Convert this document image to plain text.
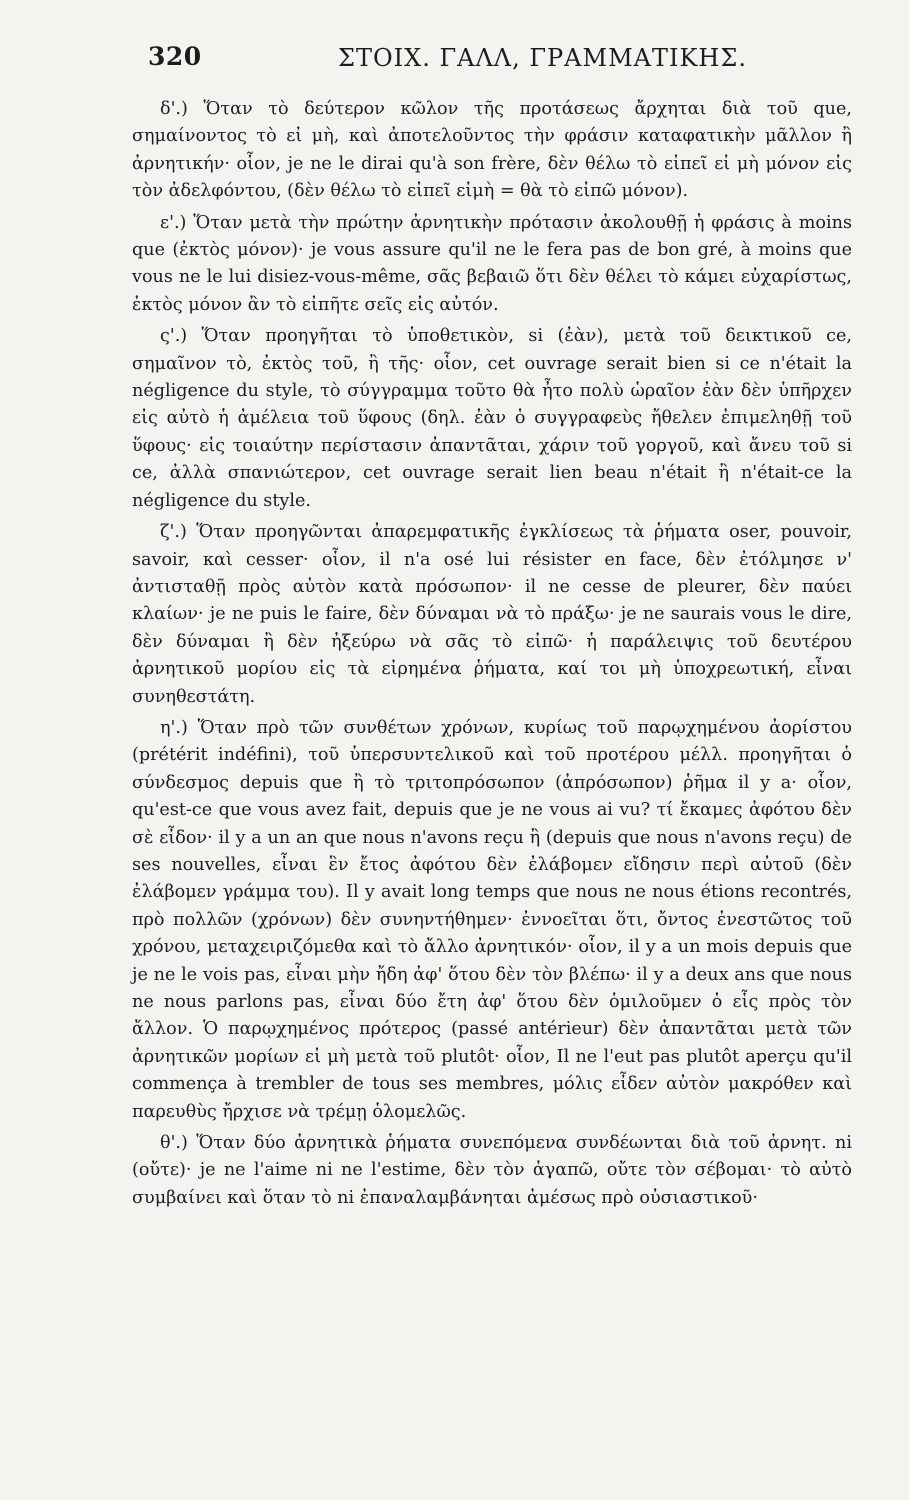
320	ΣΤΟΙΧ. ΓΑΛΛ, ΓΡΑΜΜΑΤΙΚΗΣ.

δ'.) Ὅταν τὸ δεύτερον κῶλον τῆς προτάσεως ἄρχηται διὰ τοῦ que, σημαίνοντος τὸ εἰ μὴ, καὶ ἀποτελοῦντος τὴν φράσιν καταφατικὴν μᾶλλον ἢ ἀρνητικήν· οἷον, je ne le dirai qu'à son frère, δὲν θέλω τὸ εἰπεῖ εἰ μὴ μόνον εἰς τὸν ἀδελφόντου, (δὲν θέλω τὸ εἰπεῖ εἰμὴ = θὰ τὸ εἰπῶ μόνον).

ε'.) Ὅταν μετὰ τὴν πρώτην ἀρνητικὴν πρότασιν ἀκολουθῇ ἡ φράσις à moins que (ἐκτὸς μόνον)· je vous assure qu'il ne le fera pas de bon gré, à moins que vous ne le lui disiez-vous-même, σᾶς βεβαιῶ ὅτι δὲν θέλει τὸ κάμει εὐχαρίστως, ἐκτὸς μόνον ἂν τὸ εἰπῆτε σεῖς εἰς αὐτόν.

ς'.) Ὅταν προηγῆται τὸ ὑποθετικὸν, si (ἐὰν), μετὰ τοῦ δεικτικοῦ ce, σημαῖνον τὸ, ἐκτὸς τοῦ, ἢ τῆς· οἷον, cet ouvrage serait bien si ce n'était la négligence du style, τὸ σύγγραμμα τοῦτο θὰ ἦτο πολὺ ὡραῖον ἐὰν δὲν ὑπῆρχεν εἰς αὐτὸ ἡ ἀμέλεια τοῦ ὕφους (δηλ. ἐὰν ὁ συγγραφεὺς ἤθελεν ἐπιμεληθῇ τοῦ ὕφους· εἰς τοιαύτην περίστασιν ἀπαντᾶται, χάριν τοῦ γοργοῦ, καὶ ἄνευ τοῦ si ce, ἀλλὰ σπανιώτερον, cet ouvrage serait lien beau n'était ἢ n'était-ce la négligence du style.

ζ'.) Ὅταν προηγῶνται ἀπαρεμφατικῆς ἐγκλίσεως τὰ ῥήματα oser, pouvoir, savoir, καὶ cesser· οἷον, il n'a osé lui résister en face, δὲν ἐτόλμησε ν' ἀντισταθῇ πρὸς αὐτὸν κατὰ πρόσωπον· il ne cesse de pleurer, δὲν παύει κλαίων· je ne puis le faire, δὲν δύναμαι νὰ τὸ πράξω· je ne saurais vous le dire, δὲν δύναμαι ἢ δὲν ἠξεύρω νὰ σᾶς τὸ εἰπῶ· ἡ παράλειψις τοῦ δευτέρου ἀρνητικοῦ μορίου εἰς τὰ εἰρημένα ῥήματα, καί τοι μὴ ὑποχρεωτική, εἶναι συνηθεστάτη.

η'.) Ὅταν πρὸ τῶν συνθέτων χρόνων, κυρίως τοῦ παρῳχημένου ἀορίστου (prétérit indéfini), τοῦ ὑπερσυντελικοῦ καὶ τοῦ προτέρου μέλλ. προηγῆται ὁ σύνδεσμος depuis que ἢ τὸ τριτοπρόσωπον (ἀπρόσωπον) ῥῆμα il y a· οἷον, qu'est-ce que vous avez fait, depuis que je ne vous ai vu? τί ἔκαμες ἀφότου δὲν σὲ εἶδον· il y a un an que nous n'avons reçu ἢ (depuis que nous n'avons reçu) de ses nouvelles, εἶναι ἓν ἔτος ἀφότου δὲν ἐλάβομεν εἴδησιν περὶ αὐτοῦ (δὲν ἐλάβομεν γράμμα του). Il y avait long temps que nous ne nous étions recontrés, πρὸ πολλῶν (χρόνων) δὲν συνηντήθημεν· ἐννοεῖται ὅτι, ὄντος ἐνεστῶτος τοῦ χρόνου, μεταχειριζόμεθα καὶ τὸ ἄλλο ἀρνητικόν· οἷον, il y a un mois depuis que je ne le vois pas, εἶναι μὴν ἤδη ἀφ' ὅτου δὲν τὸν βλέπω· il y a deux ans que nous ne nous parlons pas, εἶναι δύο ἔτη ἀφ' ὅτου δὲν ὁμιλοῦμεν ὁ εἷς πρὸς τὸν ἄλλον. Ὁ παρῳχημένος πρότερος (passé antérieur) δὲν ἀπαντᾶται μετὰ τῶν ἀρνητικῶν μορίων εἰ μὴ μετὰ τοῦ plutôt· οἷον, Il ne l'eut pas plutôt aperçu qu'il commença à trembler de tous ses membres, μόλις εἶδεν αὐτὸν μακρόθεν καὶ παρευθὺς ἤρχισε νὰ τρέμῃ ὁλομελῶς.

θ'.) Ὅταν δύο ἀρνητικὰ ῥήματα συνεπόμενα συνδέωνται διὰ τοῦ ἀρνητ. ni (οὔτε)· je ne l'aime ni ne l'estime, δὲν τὸν ἀγαπῶ, οὔτε τὸν σέβομαι· τὸ αὐτὸ συμβαίνει καὶ ὅταν τὸ ni ἐπαναλαμβάνηται ἀμέσως πρὸ οὐσιαστικοῦ·
